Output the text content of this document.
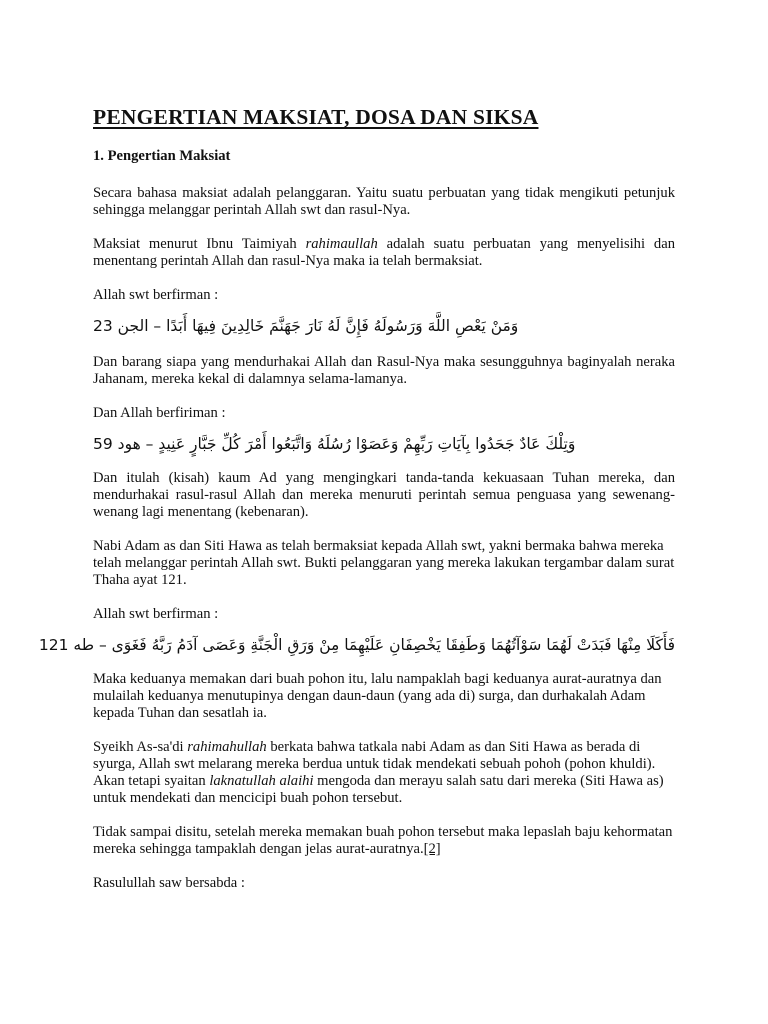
PENGERTIAN MAKSIAT, DOSA DAN SIKSA

1. Pengertian Maksiat

Secara bahasa maksiat adalah pelanggaran. Yaitu suatu perbuatan yang tidak mengikuti petunjuk sehingga melanggar perintah Allah swt dan rasul-Nya.

Maksiat menurut Ibnu Taimiyah rahimaullah adalah suatu perbuatan yang menyelisihi dan menentang perintah Allah dan rasul-Nya maka ia telah bermaksiat.

Allah swt berfirman :

وَمَنْ يَعْصِ اللَّهَ وَرَسُولَهُ فَإِنَّ لَهُ نَارَ جَهَنَّمَ خَالِدِينَ فِيهَا أَبَدًا – الجن 23

Dan barang siapa yang mendurhakai Allah dan Rasul-Nya maka sesungguhnya baginyalah neraka Jahanam, mereka kekal di dalamnya selama-lamanya.

Dan Allah berfiriman :

وَتِلْكَ عَادٌ جَحَدُوا بِآيَاتِ رَبِّهِمْ وَعَصَوْا رُسُلَهُ وَاتَّبَعُوا أَمْرَ كُلِّ جَبَّارٍ عَنِيدٍ – هود 59

Dan itulah (kisah) kaum Ad yang mengingkari tanda-tanda kekuasaan Tuhan mereka, dan mendurhakai rasul-rasul Allah dan mereka menuruti perintah semua penguasa yang sewenang-wenang lagi menentang (kebenaran).

Nabi Adam as dan Siti Hawa as telah bermaksiat kepada Allah swt, yakni bermaka bahwa mereka telah melanggar perintah Allah swt. Bukti pelanggaran yang mereka lakukan tergambar dalam surat Thaha ayat 121.

Allah swt berfirman :

فَأَكَلَا مِنْهَا فَبَدَتْ لَهُمَا سَوْآتُهُمَا وَطَفِقَا يَخْصِفَانِ عَلَيْهِمَا مِنْ وَرَقِ الْجَنَّةِ وَعَصَى آدَمُ رَبَّهُ فَغَوَى – طه 121

Maka keduanya memakan dari buah pohon itu, lalu nampaklah bagi keduanya aurat-auratnya dan mulailah keduanya menutupinya dengan daun-daun (yang ada di) surga, dan durhakalah Adam kepada Tuhan dan sesatlah ia.

Syeikh As-sa'di rahimahullah berkata bahwa tatkala nabi Adam as dan Siti Hawa as berada di syurga, Allah swt melarang mereka berdua untuk tidak mendekati sebuah pohoh (pohon khuldi). Akan tetapi syaitan laknatullah alaihi mengoda dan merayu salah satu dari mereka (Siti Hawa as) untuk mendekati dan mencicipi buah pohon tersebut.

Tidak sampai disitu, setelah mereka memakan buah pohon tersebut maka lepaslah baju kehormatan mereka sehingga tampaklah dengan jelas aurat-auratnya.[2]

Rasulullah saw bersabda :
